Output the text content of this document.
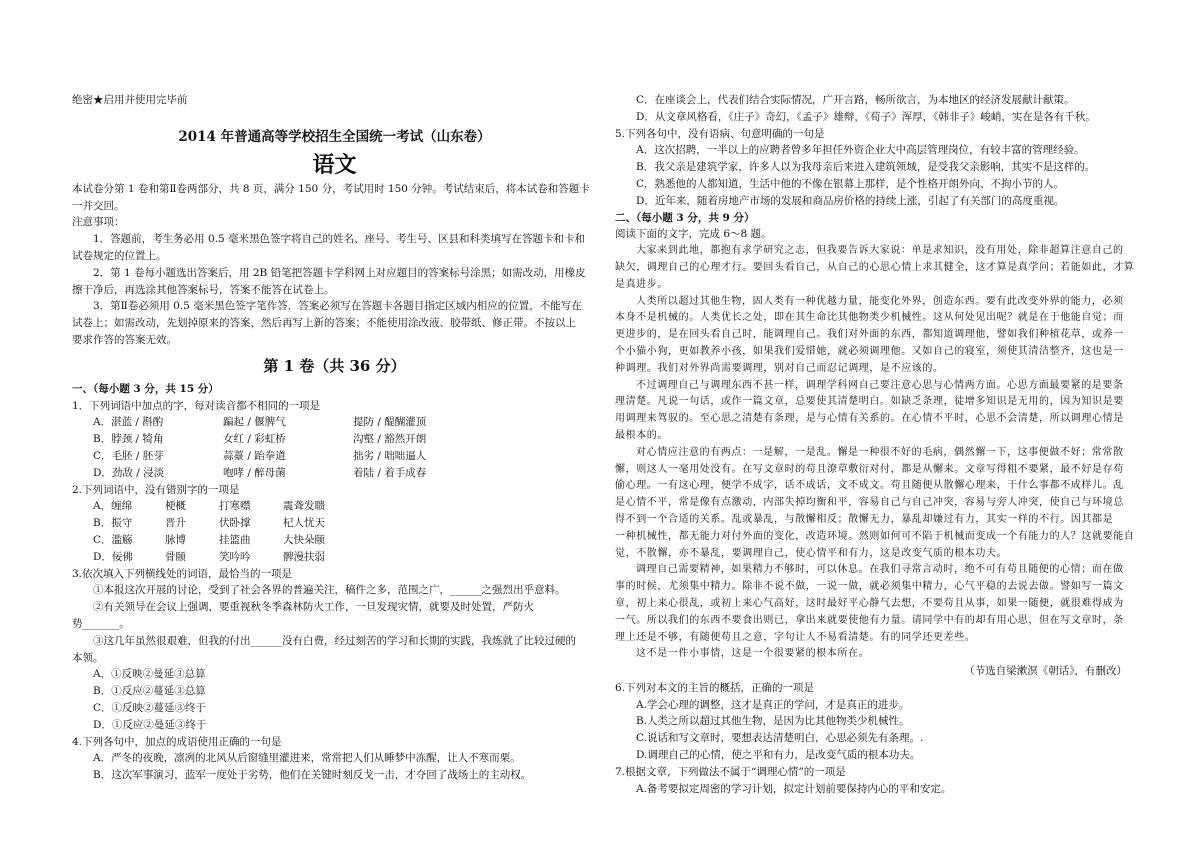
绝密★启用并使用完毕前
2014 年普通高等学校招生全国统一考试（山东卷）
语文
本试卷分第 1 卷和第Ⅱ卷两部分，共 8 页，满分 150 分，考试用时 150 分钟。考试结束后，将本试卷和答题卡
一并交回。
注意事项：
1．答题前，考生务必用 0.5 毫米黑色签字将自己的姓名、座号、考生号、区县和科类填写在答题卡和卡和
试卷规定的位置上。
2．第 1 卷每小题选出答案后，用 2B 铅笔把答题卡学科网上对应题目的答案标号涂黑；如需改动，用橡皮
擦干净后，再选涂其他答案标号，答案不能答在试卷上。
3．第Ⅱ卷必须用 0.5 毫米黑色签字笔作答．答案必须写在答题卡各题目指定区域内相应的位置，不能写在
试卷上；如需改动，先划掉原来的答案，然后再写上新的答案；不能使用涂改液、胶带纸、修正带。不按以上
要求作答的答案无效。
第 1 卷（共 36 分）
一、（每小题 3 分，共 15 分）
1．下列词语中加点的字，每对读音都不相同的一项是
A．湛蓝 / 斟酌	蹁起 / 偃脾气	提防 / 醍醐灌顶
B．脖颈 / 犄角	女红 / 彩虹桥	沟壑 / 豁然开朗
C．毛胚 / 胚芽	蒜薹 / 跆拳道	拙劣 / 咄咄逼人
D．劲敌 / 浸淡	咆哮 / 醉母菌	着陆 / 着手成春
2.下列词语中，没有错别字的一项是
A．缠绵	梗概	打寒噤	震聋发聩
B．振守	晋升	伏卧撑	杞人忧天
C．滥觞	脉博	挂篮曲	大快朵颐
D．佞佛	骨颐	笑吟吟	髀漫扶弱
3.依次填入下列横线处的词语，最恰当的一项是
①本报这次开展的讨论，受到了社会各界的普遍关注，稿件之多，范围之广，______之强烈出乎意料。
②有关领导在会议上强调，要重视秋冬季森林防火工作，一旦发现灾情，就要及时处置，严防火
势_______。
③这几年虽然很艰难，但我的付出______没有白费，经过刻苦的学习和长期的实践，我炼就了比较过硬的
本领。
A．①反映②曼延③总算
B．①反应②蔓延③总算
C．①反映②蔓延③终于
D．①反应②曼延③终于
4.下列各句中，加点的成语使用正确的一句是
A．严冬的夜晚，凛冽的北风从后窗缝里灌进来，常常把人们从睡梦中冻醒，让人不寒而栗。
B．这次军事演习，蓝军一度处于劣势，他们在关键时刻反戈一击，才夺回了战场上的主动权。
C．在座谈会上，代表们结合实际情况，广开言路，畅所欲言，为本地区的经济发展献计献策。
D．从文章风格看，《庄子》奇幻，《孟子》雄辩，《荀子》浑厚，《韩非子》峻峭，实在是各有千秋。
5.下列各句中，没有语病、句意明确的一句是
A．这次招聘，一半以上的应聘者曾多年担任外资企业大中高层管理岗位，有较丰富的管理经验。
B．我父亲是建筑学家，许多人以为我母亲后来进入建筑领域，是受我父亲影响，其实不是这样的。
C．熟悉他的人都知道，生活中他的不像在银幕上那样，是个性格开朗外向、不拘小节的人。
D．近年来，随着房地产市场的发展和商品房价格的持续上涨，引起了有关部门的高度重视。
二、（每小题 3 分，共 9 分）
阅读下面的文字，完成 6～8 题。
大家来到此地，都抱有求学研究之志，但我要告诉大家说：单是求知识，没有用处，除非超算注意自己的
缺欠，调理自己的心理才行。要回头看自己，从自己的心思心情上求其健全，这才算是真学问；若能如此，才算
是真进步。
人类所以超过其他生物，固人类有一种优越力量，能变化外界，创造东西。要有此改变外界的能力，必须
本身不是机械的。人类优长之处，即在其生命比其他物类少机械性。这从何处见出呢？就是在于他能自觉；而
更进步的，是在回头看自己时，能调理自己。我们对外面的东西，都知道调理他，譬如我们种植花草，或养一
个小猫小狗，更如教养小孩，如果我们爱惜她，就必须调理他。又如自己的寝室，须使其清洁整齐，这也是一
种调理。我们对外界尚需要调理，别对自己而忍记调理，是不应该的。
不过调理自己与调理东西不甚一样，调理学科网自己要注意心思与心情两方面。心思方面最要紧的是要条
理清楚。凡说一句话，或作一篇文章，总要使其清楚明白。如缺乏条理，徒增多知识是无用的，因为知识是要
用调理来驾驭的。至心思之清楚有条理，是与心情有关系的。在心情不平时，心思不会清楚，所以调理心情是
最根本的。
对心情应注意的有两点：一是解，一是乱。懈是一种很不好的毛病，偶然懈一下，这事便做不好；常常散
懈，则这人一毫用处没有。在写文章时的苟且潦草敷衍对付，都是从懈来。文章写得粗不要紧，最不好是存苟
偷心理。一有这心理，便学不成字，话不成话，文不成文。苟且随便从散懈心理来，干什么事都不成样儿。乱
是心情不平，常是像有点激动，内部失掉均衡和平，容易自己与自己冲突，容易与旁人冲突，使自己与环境总
得不到一个合适的关系。乱或暴乱，与散懈相反；散懈无力，暴乱却嫌过有力，其实一样的不行。因其都是
一种机械性，都无能力对付外面的变化，改造环境。然则如何可不陷于机械而变成一个有能力的人？这就要能自
觉，不散懈，亦不暴乱，要调理自己，使心情平和有力，这是改变气质的根本功夫。
调理自己需要精神，如果精力不够时，可以休息。在我们寻常言动时，绝不可有苟且随便的心情；而在做
事的时候，尤须集中精力。除非不说不做，一说一做，就必须集中精力，心气平稳的去说去做。譬如写一篇文
章，初上来心很乱，或初上来心气高好，这时最好平心静气去想，不要苟且从事，如果一随便，就很难得成为
一气。所以我们的东西不要食出则已，拿出来就要使他有力量。请同学中有的却有用心思，但在写文章时，条
理上还是不够，有随便苟且之意，字句让人不易看清楚。有的同学还更差些。
这不是一件小事情，这是一个很要紧的根本所在。
（节选自梁漱溟《朝话》，有删改）
6.下列对本文的主旨的概括，正确的一项是
A.学会心理的调整，这才是真正的学问，才是真正的进步。
B.人类之所以超过其他生物，是因为比其他物类少机械性。
C.说话和写文章时，要想表达清楚明白，心思必须先有条理。.
D.调理自己的心情，使之平和有力，是改变气质的根本功夫。
7.根据文章，下列做法不属于“调理心情”的一项是
A.备考要拟定周密的学习计划，拟定计划前要保持内心的平和安定。
